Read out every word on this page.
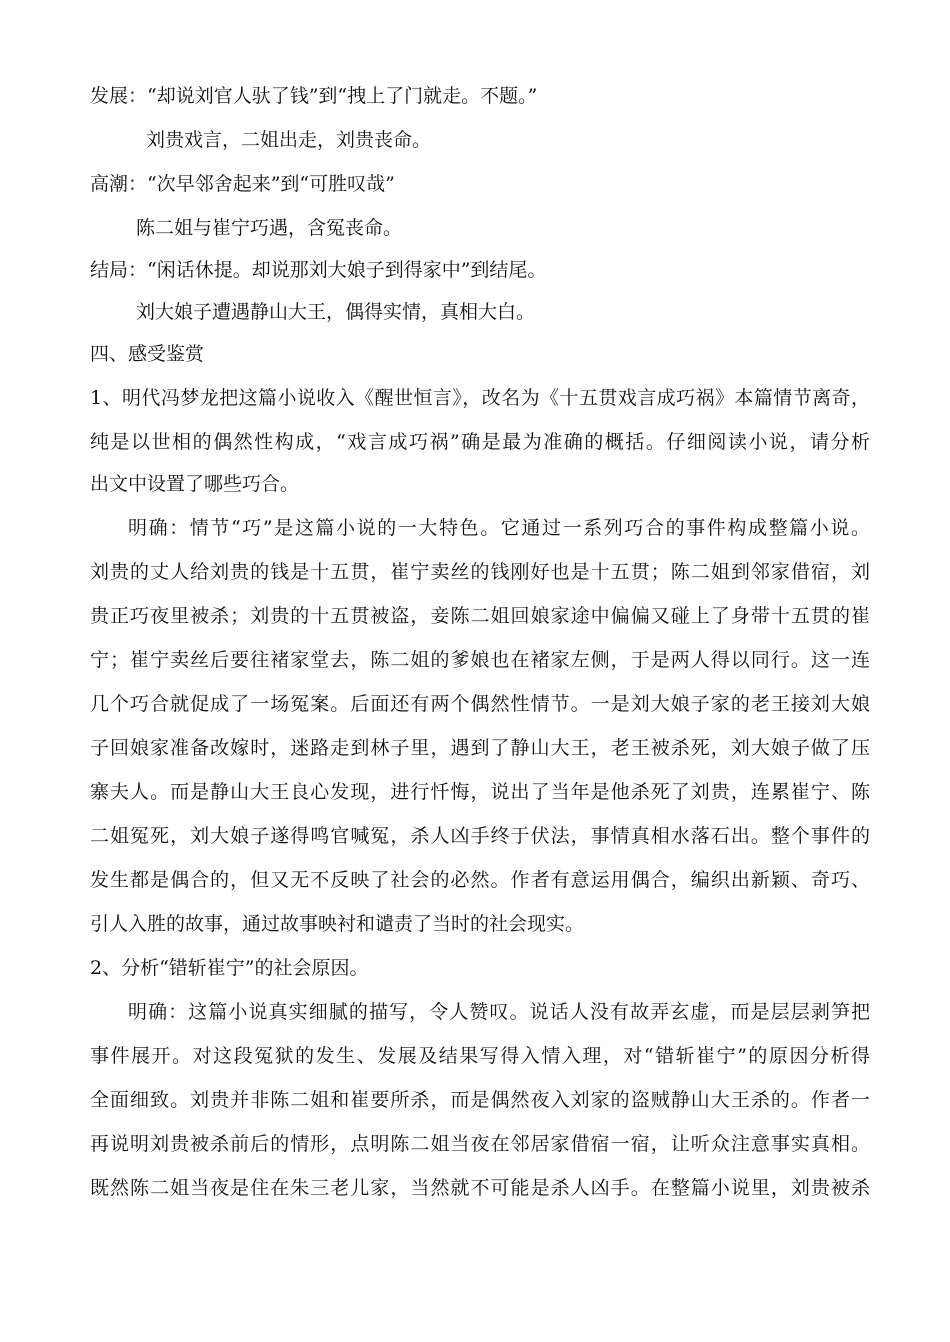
发展：“却说刘官人驮了钱”到“拽上了门就走。不题。”
刘贵戏言，二姐出走，刘贵丧命。
高潮：“次早邻舍起来”到“可胜叹哉”
陈二姐与崔宁巧遇，含冤丧命。
结局：“闲话休提。却说那刘大娘子到得家中”到结尾。
刘大娘子遭遇静山大王，偶得实情，真相大白。
四、感受鉴赏
1、明代冯梦龙把这篇小说收入《醒世恒言》，改名为《十五贯戏言成巧祸》本篇情节离奇，
纯是以世相的偶然性构成，“戏言成巧祸”确是最为准确的概括。仔细阅读小说，请分析
出文中设置了哪些巧合。
明确：情节“巧”是这篇小说的一大特色。它通过一系列巧合的事件构成整篇小说。
刘贵的丈人给刘贵的钱是十五贯，崔宁卖丝的钱刚好也是十五贯；陈二姐到邻家借宿，刘
贵正巧夜里被杀；刘贵的十五贯被盗，妾陈二姐回娘家途中偏偏又碰上了身带十五贯的崔
宁；崔宁卖丝后要往褚家堂去，陈二姐的爹娘也在褚家左侧，于是两人得以同行。这一连
几个巧合就促成了一场冤案。后面还有两个偶然性情节。一是刘大娘子家的老王接刘大娘
子回娘家准备改嫁时，迷路走到林子里，遇到了静山大王，老王被杀死，刘大娘子做了压
寨夫人。而是静山大王良心发现，进行忏悔，说出了当年是他杀死了刘贵，连累崔宁、陈
二姐冤死，刘大娘子遂得鸣官喊冤，杀人凶手终于伏法，事情真相水落石出。整个事件的
发生都是偶合的，但又无不反映了社会的必然。作者有意运用偶合，编织出新颖、奇巧、
引人入胜的故事，通过故事映衬和谴责了当时的社会现实。
2、分析“错斩崔宁”的社会原因。
明确：这篇小说真实细腻的描写，令人赞叹。说话人没有故弄玄虚，而是层层剥笋把
事件展开。对这段冤狱的发生、发展及结果写得入情入理，对“错斩崔宁”的原因分析得
全面细致。刘贵并非陈二姐和崔要所杀，而是偶然夜入刘家的盗贼静山大王杀的。作者一
再说明刘贵被杀前后的情形，点明陈二姐当夜在邻居家借宿一宿，让听众注意事实真相。
既然陈二姐当夜是住在朱三老儿家，当然就不可能是杀人凶手。在整篇小说里，刘贵被杀
